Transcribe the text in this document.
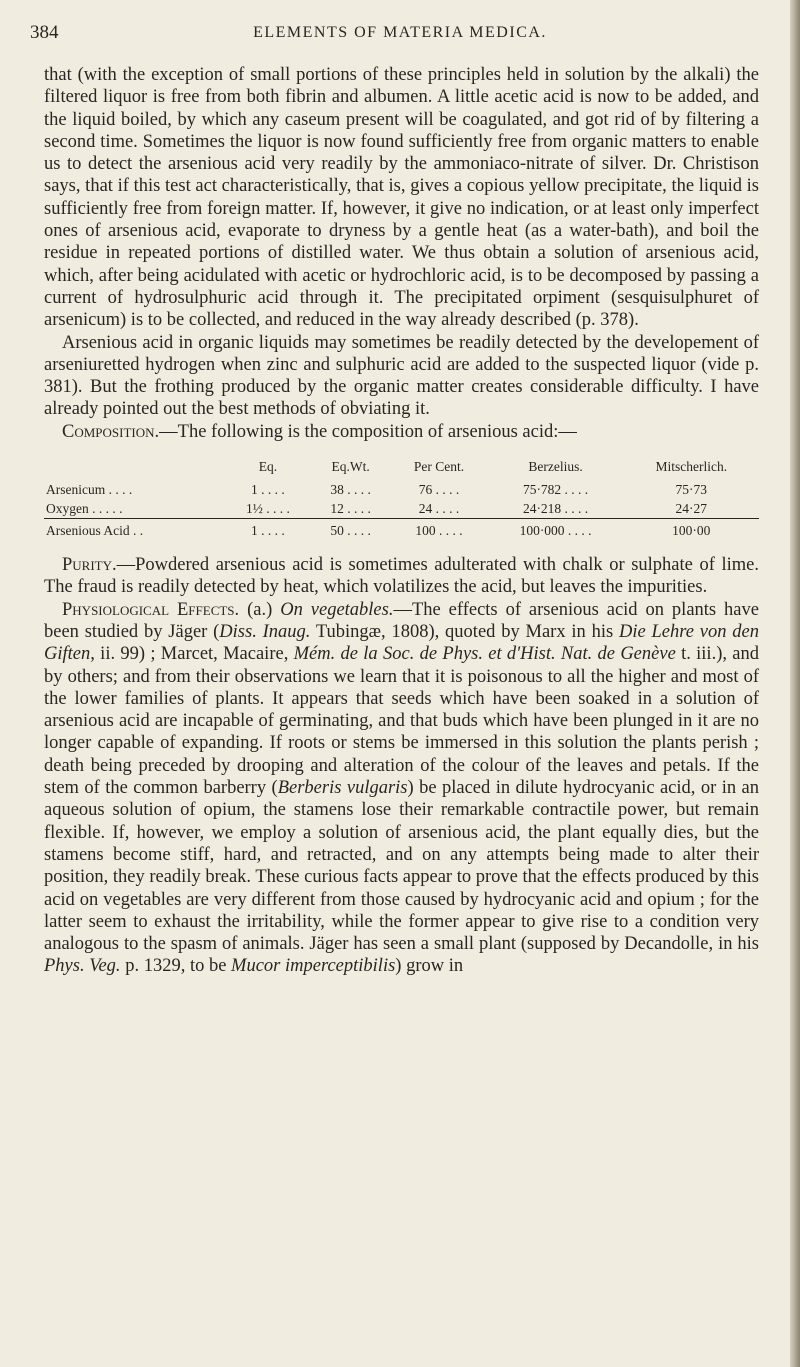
384	ELEMENTS OF MATERIA MEDICA.

that (with the exception of small portions of these principles held in solution by the alkali) the filtered liquor is free from both fibrin and albumen. A little acetic acid is now to be added, and the liquid boiled, by which any caseum present will be coagulated, and got rid of by filtering a second time. Sometimes the liquor is now found sufficiently free from organic matters to enable us to detect the arsenious acid very readily by the ammoniaco-nitrate of silver. Dr. Christison says, that if this test act characteristically, that is, gives a copious yellow precipitate, the liquid is sufficiently free from foreign matter. If, however, it give no indication, or at least only imperfect ones of arsenious acid, evaporate to dryness by a gentle heat (as a water-bath), and boil the residue in repeated portions of distilled water. We thus obtain a solution of arsenious acid, which, after being acidulated with acetic or hydrochloric acid, is to be decomposed by passing a current of hydrosulphuric acid through it. The precipitated orpiment (sesquisulphuret of arsenicum) is to be collected, and reduced in the way already described (p. 378).

Arsenious acid in organic liquids may sometimes be readily detected by the developement of arseniuretted hydrogen when zinc and sulphuric acid are added to the suspected liquor (vide p. 381). But the frothing produced by the organic matter creates considerable difficulty. I have already pointed out the best methods of obviating it.

Composition.—The following is the composition of arsenious acid:—

	Eq.	Eq.Wt.	Per Cent.	Berzelius.	Mitscherlich.
Arsenicum . . . .	1 . . . .	38 . . . .	76 . . . .	75·782 . . . .	75·73
Oxygen . . . . .	1½ . . . .	12 . . . .	24 . . . .	24·218 . . . .	24·27
Arsenious Acid . .	1 . . . .	50 . . . .	100 . . . .	100·000 . . . .	100·00

Purity.—Powdered arsenious acid is sometimes adulterated with chalk or sulphate of lime. The fraud is readily detected by heat, which volatilizes the acid, but leaves the impurities.

Physiological Effects. (a.) On vegetables.—The effects of arsenious acid on plants have been studied by Jäger (Diss. Inaug. Tubingæ, 1808), quoted by Marx in his Die Lehre von den Giften, ii. 99) ; Marcet, Macaire, Mém. de la Soc. de Phys. et d'Hist. Nat. de Genève t. iii.), and by others; and from their observations we learn that it is poisonous to all the higher and most of the lower families of plants. It appears that seeds which have been soaked in a solution of arsenious acid are incapable of germinating, and that buds which have been plunged in it are no longer capable of expanding. If roots or stems be immersed in this solution the plants perish ; death being preceded by drooping and alteration of the colour of the leaves and petals. If the stem of the common barberry (Berberis vulgaris) be placed in dilute hydrocyanic acid, or in an aqueous solution of opium, the stamens lose their remarkable contractile power, but remain flexible. If, however, we employ a solution of arsenious acid, the plant equally dies, but the stamens become stiff, hard, and retracted, and on any attempts being made to alter their position, they readily break. These curious facts appear to prove that the effects produced by this acid on vegetables are very different from those caused by hydrocyanic acid and opium ; for the latter seem to exhaust the irritability, while the former appear to give rise to a condition very analogous to the spasm of animals. Jäger has seen a small plant (supposed by Decandolle, in his Phys. Veg. p. 1329, to be Mucor imperceptibilis) grow in
